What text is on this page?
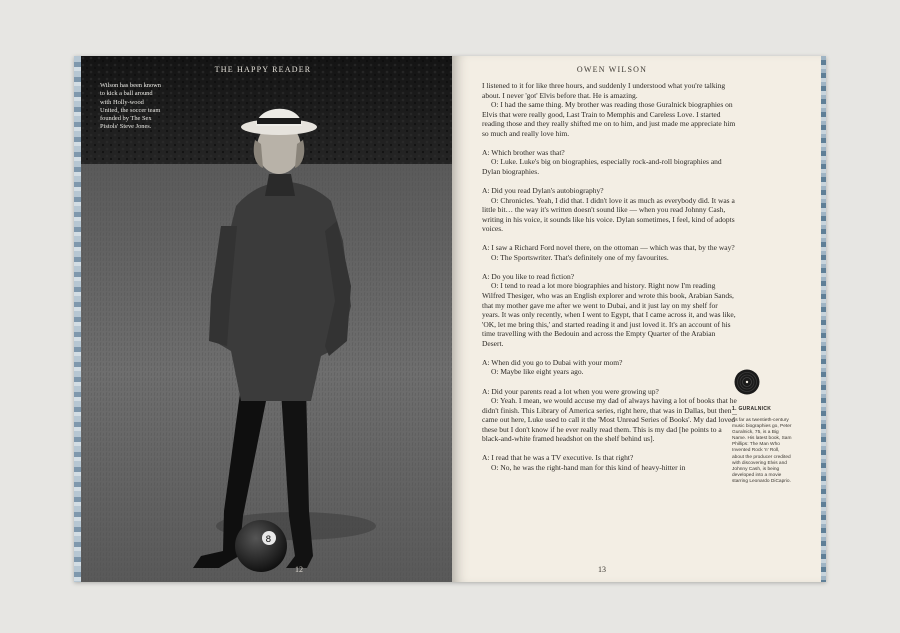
8
Wilson has been known to kick a ball around with Holly-wood United, the soccer team founded by The Sex Pistols' Steve Jones.
THE HAPPY READER
12
OWEN WILSON

I listened to it for like three hours, and suddenly I understood what you're talking about. I never 'got' Elvis before that. He is amazing.

O: I had the same thing. My brother was reading those Guralnick biographies on Elvis that were really good, Last Train to Memphis and Careless Love. I started reading those and they really shifted me on to him, and just made me appreciate him so much and really love him.

A: Which brother was that?

O: Luke. Luke's big on biographies, especially rock-and-roll biographies and Dylan biographies.

A: Did you read Dylan's autobiography?

O: Chronicles. Yeah, I did that. I didn't love it as much as everybody did. It was a little bit… the way it's written doesn't sound like — when you read Johnny Cash, writing in his voice, it sounds like his voice. Dylan sometimes, I feel, kind of adopts voices.

A: I saw a Richard Ford novel there, on the ottoman — which was that, by the way?

O: The Sportswriter. That's definitely one of my favourites.

A: Do you like to read fiction?

O: I tend to read a lot more biographies and history. Right now I'm reading Wilfred Thesiger, who was an English explorer and wrote this book, Arabian Sands, that my mother gave me after we went to Dubai, and it just lay on my shelf for years. It was only recently, when I went to Egypt, that I came across it, and was like, 'OK, let me bring this,' and started reading it and just loved it. It's an account of his time travelling with the Bedouin and across the Empty Quarter of the Arabian Desert.

A: When did you go to Dubai with your mom?

O: Maybe like eight years ago.

A: Did your parents read a lot when you were growing up?

O: Yeah. I mean, we would accuse my dad of always having a lot of books that he didn't finish. This Library of America series, right here, that was in Dallas, but then came out here, Luke used to call it the 'Most Unread Series of Books'. My dad loved these but I don't know if he ever really read them. This is my dad [he points to a black-and-white framed headshot on the shelf behind us].

A: I read that he was a TV executive. Is that right?

O: No, he was the right-hand man for this kind of heavy-hitter in

1. GURALNICK
—
As far as twentieth-century music biographies go, Peter Guralnick, 75, is a Big Name. His latest book, Sam Phillips: The Man Who Invented Rock 'n' Roll, about the producer credited with discovering Elvis and Johnny Cash, is being developed into a movie starring Leonardo DiCaprio.
13
